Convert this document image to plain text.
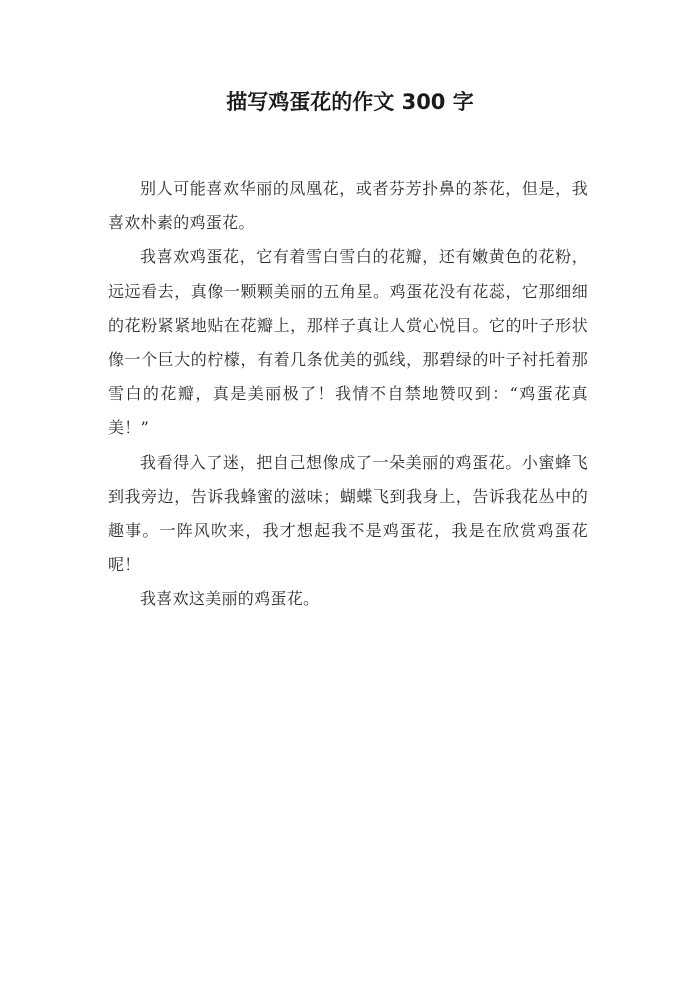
描写鸡蛋花的作文 300 字

别人可能喜欢华丽的凤凰花，或者芬芳扑鼻的茶花，但是，我喜欢朴素的鸡蛋花。

我喜欢鸡蛋花，它有着雪白雪白的花瓣，还有嫩黄色的花粉，远远看去，真像一颗颗美丽的五角星。鸡蛋花没有花蕊，它那细细的花粉紧紧地贴在花瓣上，那样子真让人赏心悦目。它的叶子形状像一个巨大的柠檬，有着几条优美的弧线，那碧绿的叶子衬托着那雪白的花瓣，真是美丽极了！我情不自禁地赞叹到：“鸡蛋花真美！”

我看得入了迷，把自己想像成了一朵美丽的鸡蛋花。小蜜蜂飞到我旁边，告诉我蜂蜜的滋味；蝴蝶飞到我身上，告诉我花丛中的趣事。一阵风吹来，我才想起我不是鸡蛋花，我是在欣赏鸡蛋花呢！

我喜欢这美丽的鸡蛋花。
